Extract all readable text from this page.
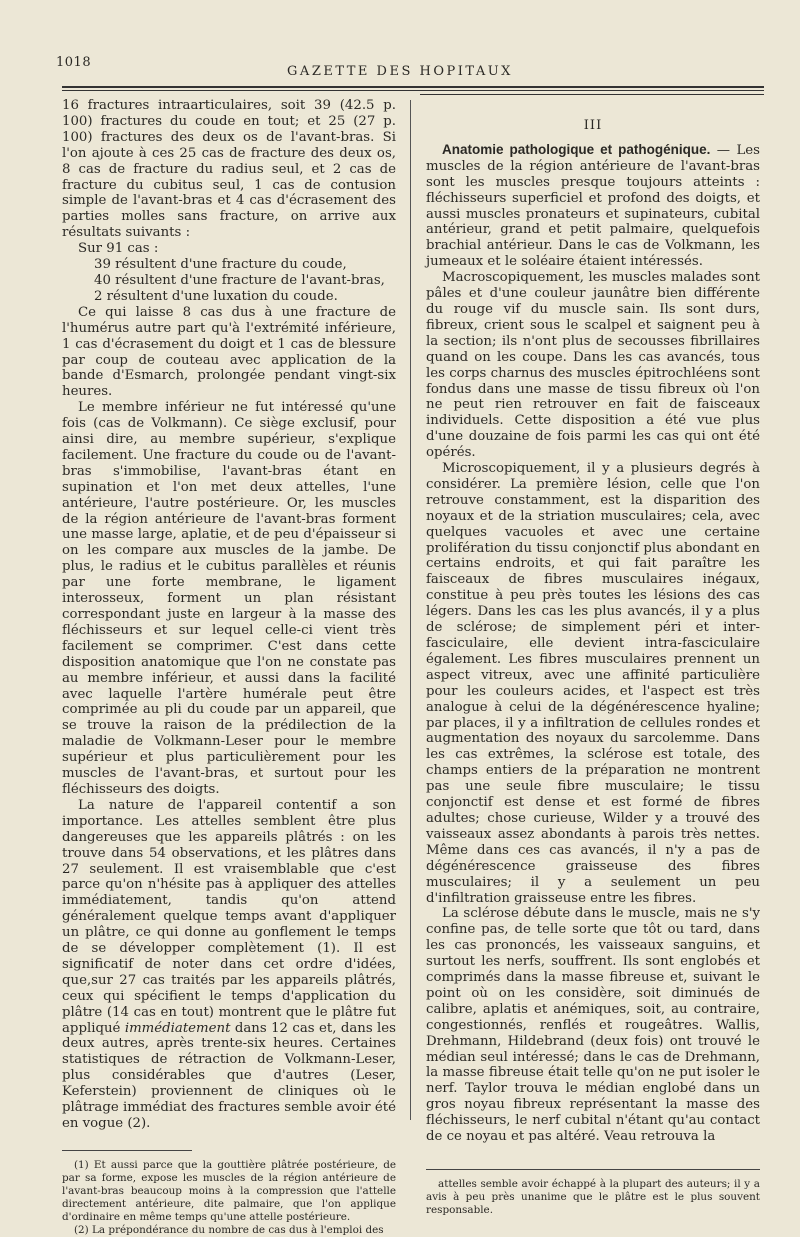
1018
GAZETTE DES HOPITAUX

16 fractures intraarticulaires, soit 39 (42.5 p. 100) fractures du coude en tout; et 25 (27 p. 100) fractures des deux os de l'avant-bras. Si l'on ajoute à ces 25 cas de fracture des deux os, 8 cas de fracture du radius seul, et 2 cas de fracture du cubitus seul, 1 cas de contusion simple de l'avant-bras et 4 cas d'écrasement des parties molles sans fracture, on arrive aux résultats suivants :

Sur 91 cas :

39 résultent d'une fracture du coude,

40 résultent d'une fracture de l'avant-bras,

2 résultent d'une luxation du coude.

Ce qui laisse 8 cas dus à une fracture de l'humérus autre part qu'à l'extrémité inférieure, 1 cas d'écrasement du doigt et 1 cas de blessure par coup de couteau avec application de la bande d'Esmarch, prolongée pendant vingt-six heures.

Le membre inférieur ne fut intéressé qu'une fois (cas de Volkmann). Ce siège exclusif, pour ainsi dire, au membre supérieur, s'explique facilement. Une fracture du coude ou de l'avant-bras s'immobilise, l'avant-bras étant en supination et l'on met deux attelles, l'une antérieure, l'autre postérieure. Or, les muscles de la région antérieure de l'avant-bras forment une masse large, aplatie, et de peu d'épaisseur si on les compare aux muscles de la jambe. De plus, le radius et le cubitus parallèles et réunis par une forte membrane, le ligament interosseux, forment un plan résistant correspondant juste en largeur à la masse des fléchisseurs et sur lequel celle-ci vient très facilement se comprimer. C'est dans cette disposition anatomique que l'on ne constate pas au membre inférieur, et aussi dans la facilité avec laquelle l'artère humérale peut être comprimée au pli du coude par un appareil, que se trouve la raison de la prédilection de la maladie de Volkmann-Leser pour le membre supérieur et plus particulièrement pour les muscles de l'avant-bras, et surtout pour les fléchisseurs des doigts.

La nature de l'appareil contentif a son importance. Les attelles semblent être plus dangereuses que les appareils plâtrés : on les trouve dans 54 observations, et les plâtres dans 27 seulement. Il est vraisemblable que c'est parce qu'on n'hésite pas à appliquer des attelles immédiatement, tandis qu'on attend généralement quelque temps avant d'appliquer un plâtre, ce qui donne au gonflement le temps de se développer complètement (1). Il est significatif de noter dans cet ordre d'idées, que,sur 27 cas traités par les appareils plâtrés, ceux qui spécifient le temps d'application du plâtre (14 cas en tout) montrent que le plâtre fut appliqué immédiatement dans 12 cas et, dans les deux autres, après trente-six heures. Certaines statistiques de rétraction de Volkmann-Leser, plus considérables que d'autres (Leser, Keferstein) proviennent de cliniques où le plâtrage immédiat des fractures semble avoir été en vogue (2).

(1) Et aussi parce que la gouttière plâtrée postérieure, de par sa forme, expose les muscles de la région antérieure de l'avant-bras beaucoup moins à la compression que l'attelle directement antérieure, dite palmaire, que l'on applique d'ordinaire en même temps qu'une attelle postérieure.

(2) La prépondérance du nombre de cas dus à l'emploi des

III

Anatomie pathologique et pathogénique. — Les muscles de la région antérieure de l'avant-bras sont les muscles presque toujours atteints : fléchisseurs superficiel et profond des doigts, et aussi muscles pronateurs et supinateurs, cubital antérieur, grand et petit palmaire, quelquefois brachial antérieur. Dans le cas de Volkmann, les jumeaux et le soléaire étaient intéressés.

Macroscopiquement, les muscles malades sont pâles et d'une couleur jaunâtre bien différente du rouge vif du muscle sain. Ils sont durs, fibreux, crient sous le scalpel et saignent peu à la section; ils n'ont plus de secousses fibrillaires quand on les coupe. Dans les cas avancés, tous les corps charnus des muscles épitrochléens sont fondus dans une masse de tissu fibreux où l'on ne peut rien retrouver en fait de faisceaux individuels. Cette disposition a été vue plus d'une douzaine de fois parmi les cas qui ont été opérés.

Microscopiquement, il y a plusieurs degrés à considérer. La première lésion, celle que l'on retrouve constamment, est la disparition des noyaux et de la striation musculaires; cela, avec quelques vacuoles et avec une certaine prolifération du tissu conjonctif plus abondant en certains endroits, et qui fait paraître les faisceaux de fibres musculaires inégaux, constitue à peu près toutes les lésions des cas légers. Dans les cas les plus avancés, il y a plus de sclérose; de simplement péri et inter-fasciculaire, elle devient intra-fasciculaire également. Les fibres musculaires prennent un aspect vitreux, avec une affinité particulière pour les couleurs acides, et l'aspect est très analogue à celui de la dégénérescence hyaline; par places, il y a infiltration de cellules rondes et augmentation des noyaux du sarcolemme. Dans les cas extrêmes, la sclérose est totale, des champs entiers de la préparation ne montrent pas une seule fibre musculaire; le tissu conjonctif est dense et est formé de fibres adultes; chose curieuse, Wilder y a trouvé des vaisseaux assez abondants à parois très nettes. Même dans ces cas avancés, il n'y a pas de dégénérescence graisseuse des fibres musculaires; il y a seulement un peu d'infiltration graisseuse entre les fibres.

La sclérose débute dans le muscle, mais ne s'y confine pas, de telle sorte que tôt ou tard, dans les cas prononcés, les vaisseaux sanguins, et surtout les nerfs, souffrent. Ils sont englobés et comprimés dans la masse fibreuse et, suivant le point où on les considère, soit diminués de calibre, aplatis et anémiques, soit, au contraire, congestionnés, renflés et rougeâtres. Wallis, Drehmann, Hildebrand (deux fois) ont trouvé le médian seul intéressé; dans le cas de Drehmann, la masse fibreuse était telle qu'on ne put isoler le nerf. Taylor trouva le médian englobé dans un gros noyau fibreux représentant la masse des fléchisseurs, le nerf cubital n'étant qu'au contact de ce noyau et pas altéré. Veau retrouva la

attelles semble avoir échappé à la plupart des auteurs; il y a avis à peu près unanime que le plâtre est le plus souvent responsable.
